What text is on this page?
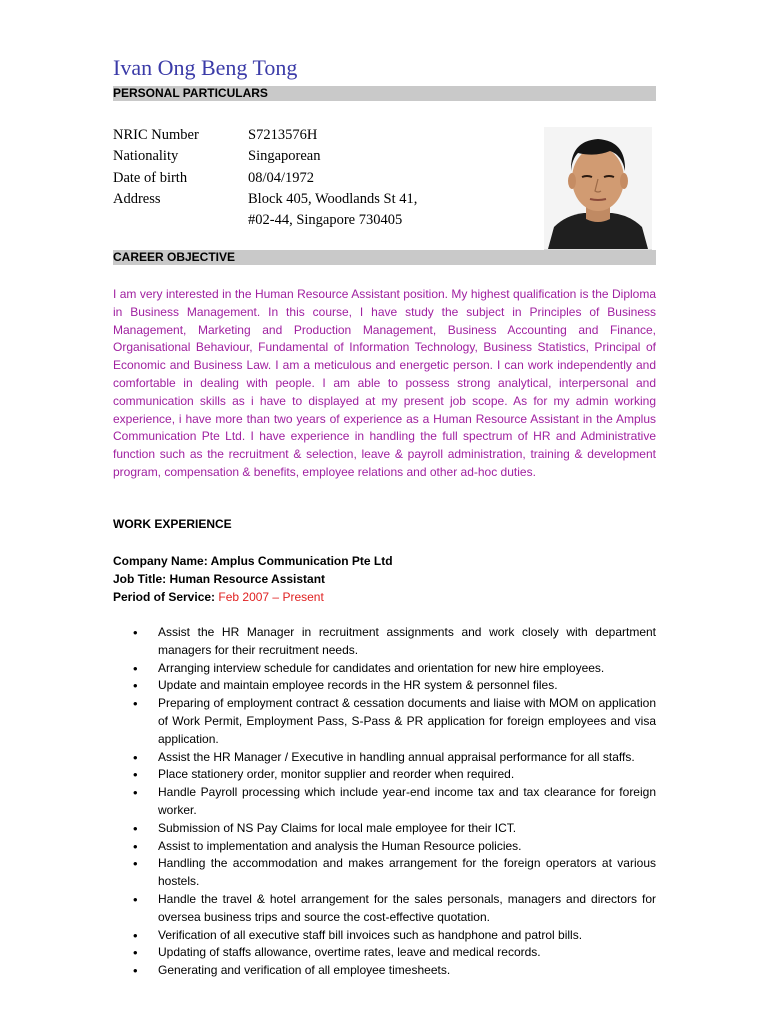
Ivan Ong Beng Tong
PERSONAL PARTICULARS
NRIC Number	S7213576H
Nationality	Singaporean
Date of birth	08/04/1972
Address	Block 405, Woodlands St 41,
#02-44, Singapore 730405
CAREER OBJECTIVE

I am very interested in the Human Resource Assistant position. My highest qualification is the Diploma in Business Management. In this course, I have study the subject in Principles of Business Management, Marketing and Production Management, Business Accounting and Finance, Organisational Behaviour, Fundamental of Information Technology, Business Statistics, Principal of Economic and Business Law. I am a meticulous and energetic person. I can work independently and comfortable in dealing with people. I am able to possess strong analytical, interpersonal and communication skills as i have to displayed at my present job scope. As for my admin working experience, i have more than two years of experience as a Human Resource Assistant in the Amplus Communication Pte Ltd. I have experience in handling the full spectrum of HR and Administrative function such as the recruitment & selection, leave & payroll administration, training & development program, compensation & benefits, employee relations and other ad-hoc duties.

WORK EXPERIENCE

Company Name: Amplus Communication Pte Ltd
Job Title: Human Resource Assistant
Period of Service: Feb 2007 – Present
• Assist the HR Manager in recruitment assignments and work closely with department managers for their recruitment needs.
• Arranging interview schedule for candidates and orientation for new hire employees.
• Update and maintain employee records in the HR system & personnel files.
• Preparing of employment contract & cessation documents and liaise with MOM on application of Work Permit, Employment Pass, S-Pass & PR application for foreign employees and visa application.
• Assist the HR Manager / Executive in handling annual appraisal performance for all staffs.
• Place stationery order, monitor supplier and reorder when required.
• Handle Payroll processing which include year-end income tax and tax clearance for foreign worker.
• Submission of NS Pay Claims for local male employee for their ICT.
• Assist to implementation and analysis the Human Resource policies.
• Handling the accommodation and makes arrangement for the foreign operators at various hostels.
• Handle the travel & hotel arrangement for the sales personals, managers and directors for oversea business trips and source the cost-effective quotation.
• Verification of all executive staff bill invoices such as handphone and patrol bills.
• Updating of staffs allowance, overtime rates, leave and medical records.
• Generating and verification of all employee timesheets.
